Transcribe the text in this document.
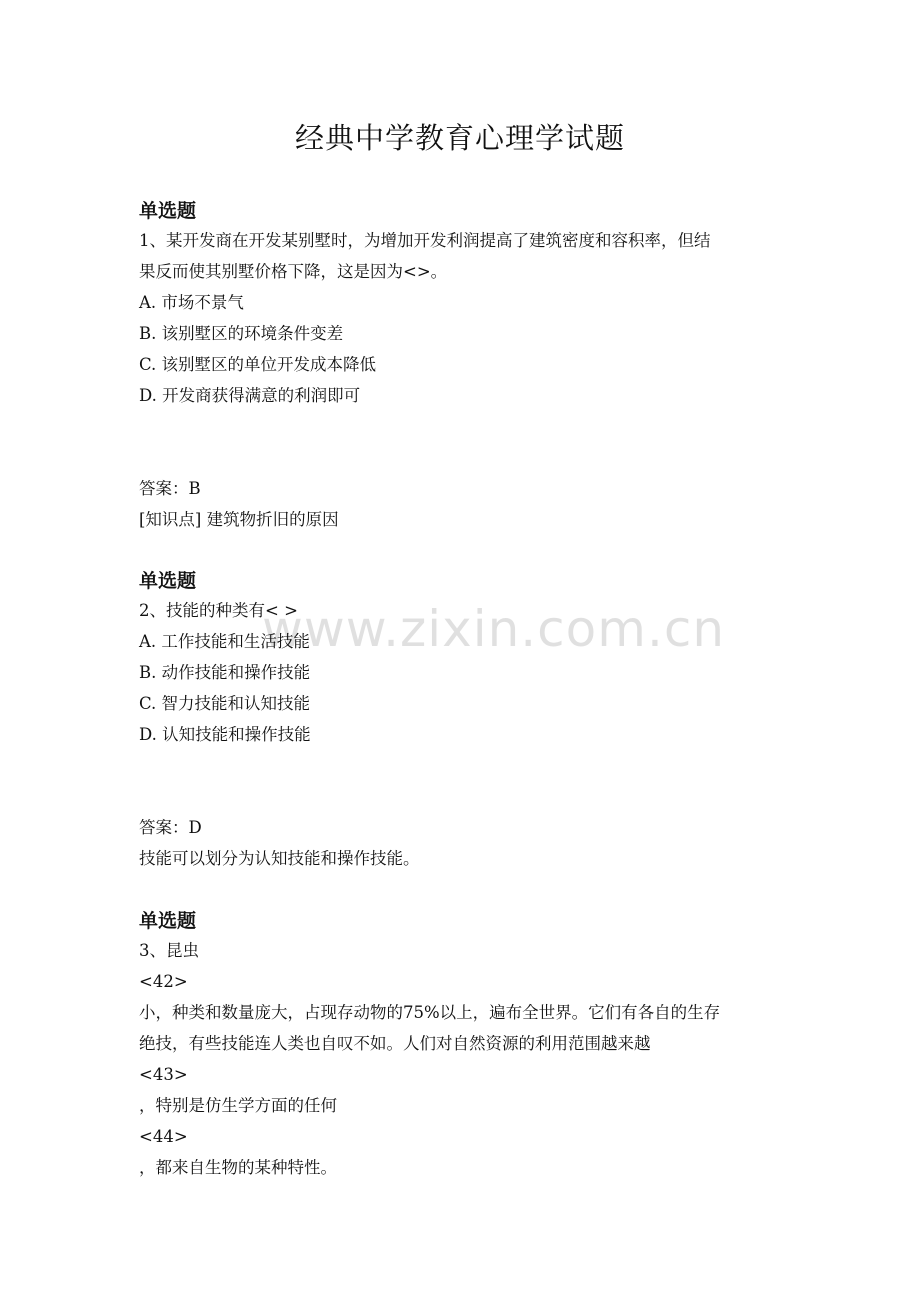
经典中学教育心理学试题
www.zixin.com.cn
单选题
1、某开发商在开发某别墅时，为增加开发利润提高了建筑密度和容积率，但结
果反而使其别墅价格下降，这是因为<>。
A. 市场不景气
B. 该别墅区的环境条件变差
C. 该别墅区的单位开发成本降低
D. 开发商获得满意的利润即可
答案：B
[知识点] 建筑物折旧的原因
单选题
2、技能的种类有< >
A. 工作技能和生活技能
B. 动作技能和操作技能
C. 智力技能和认知技能
D. 认知技能和操作技能
答案：D
技能可以划分为认知技能和操作技能。
单选题
3、昆虫
<42>
小，种类和数量庞大，占现存动物的75%以上，遍布全世界。它们有各自的生存
绝技，有些技能连人类也自叹不如。人们对自然资源的利用范围越来越
<43>
，特别是仿生学方面的任何
<44>
，都来自生物的某种特性。
